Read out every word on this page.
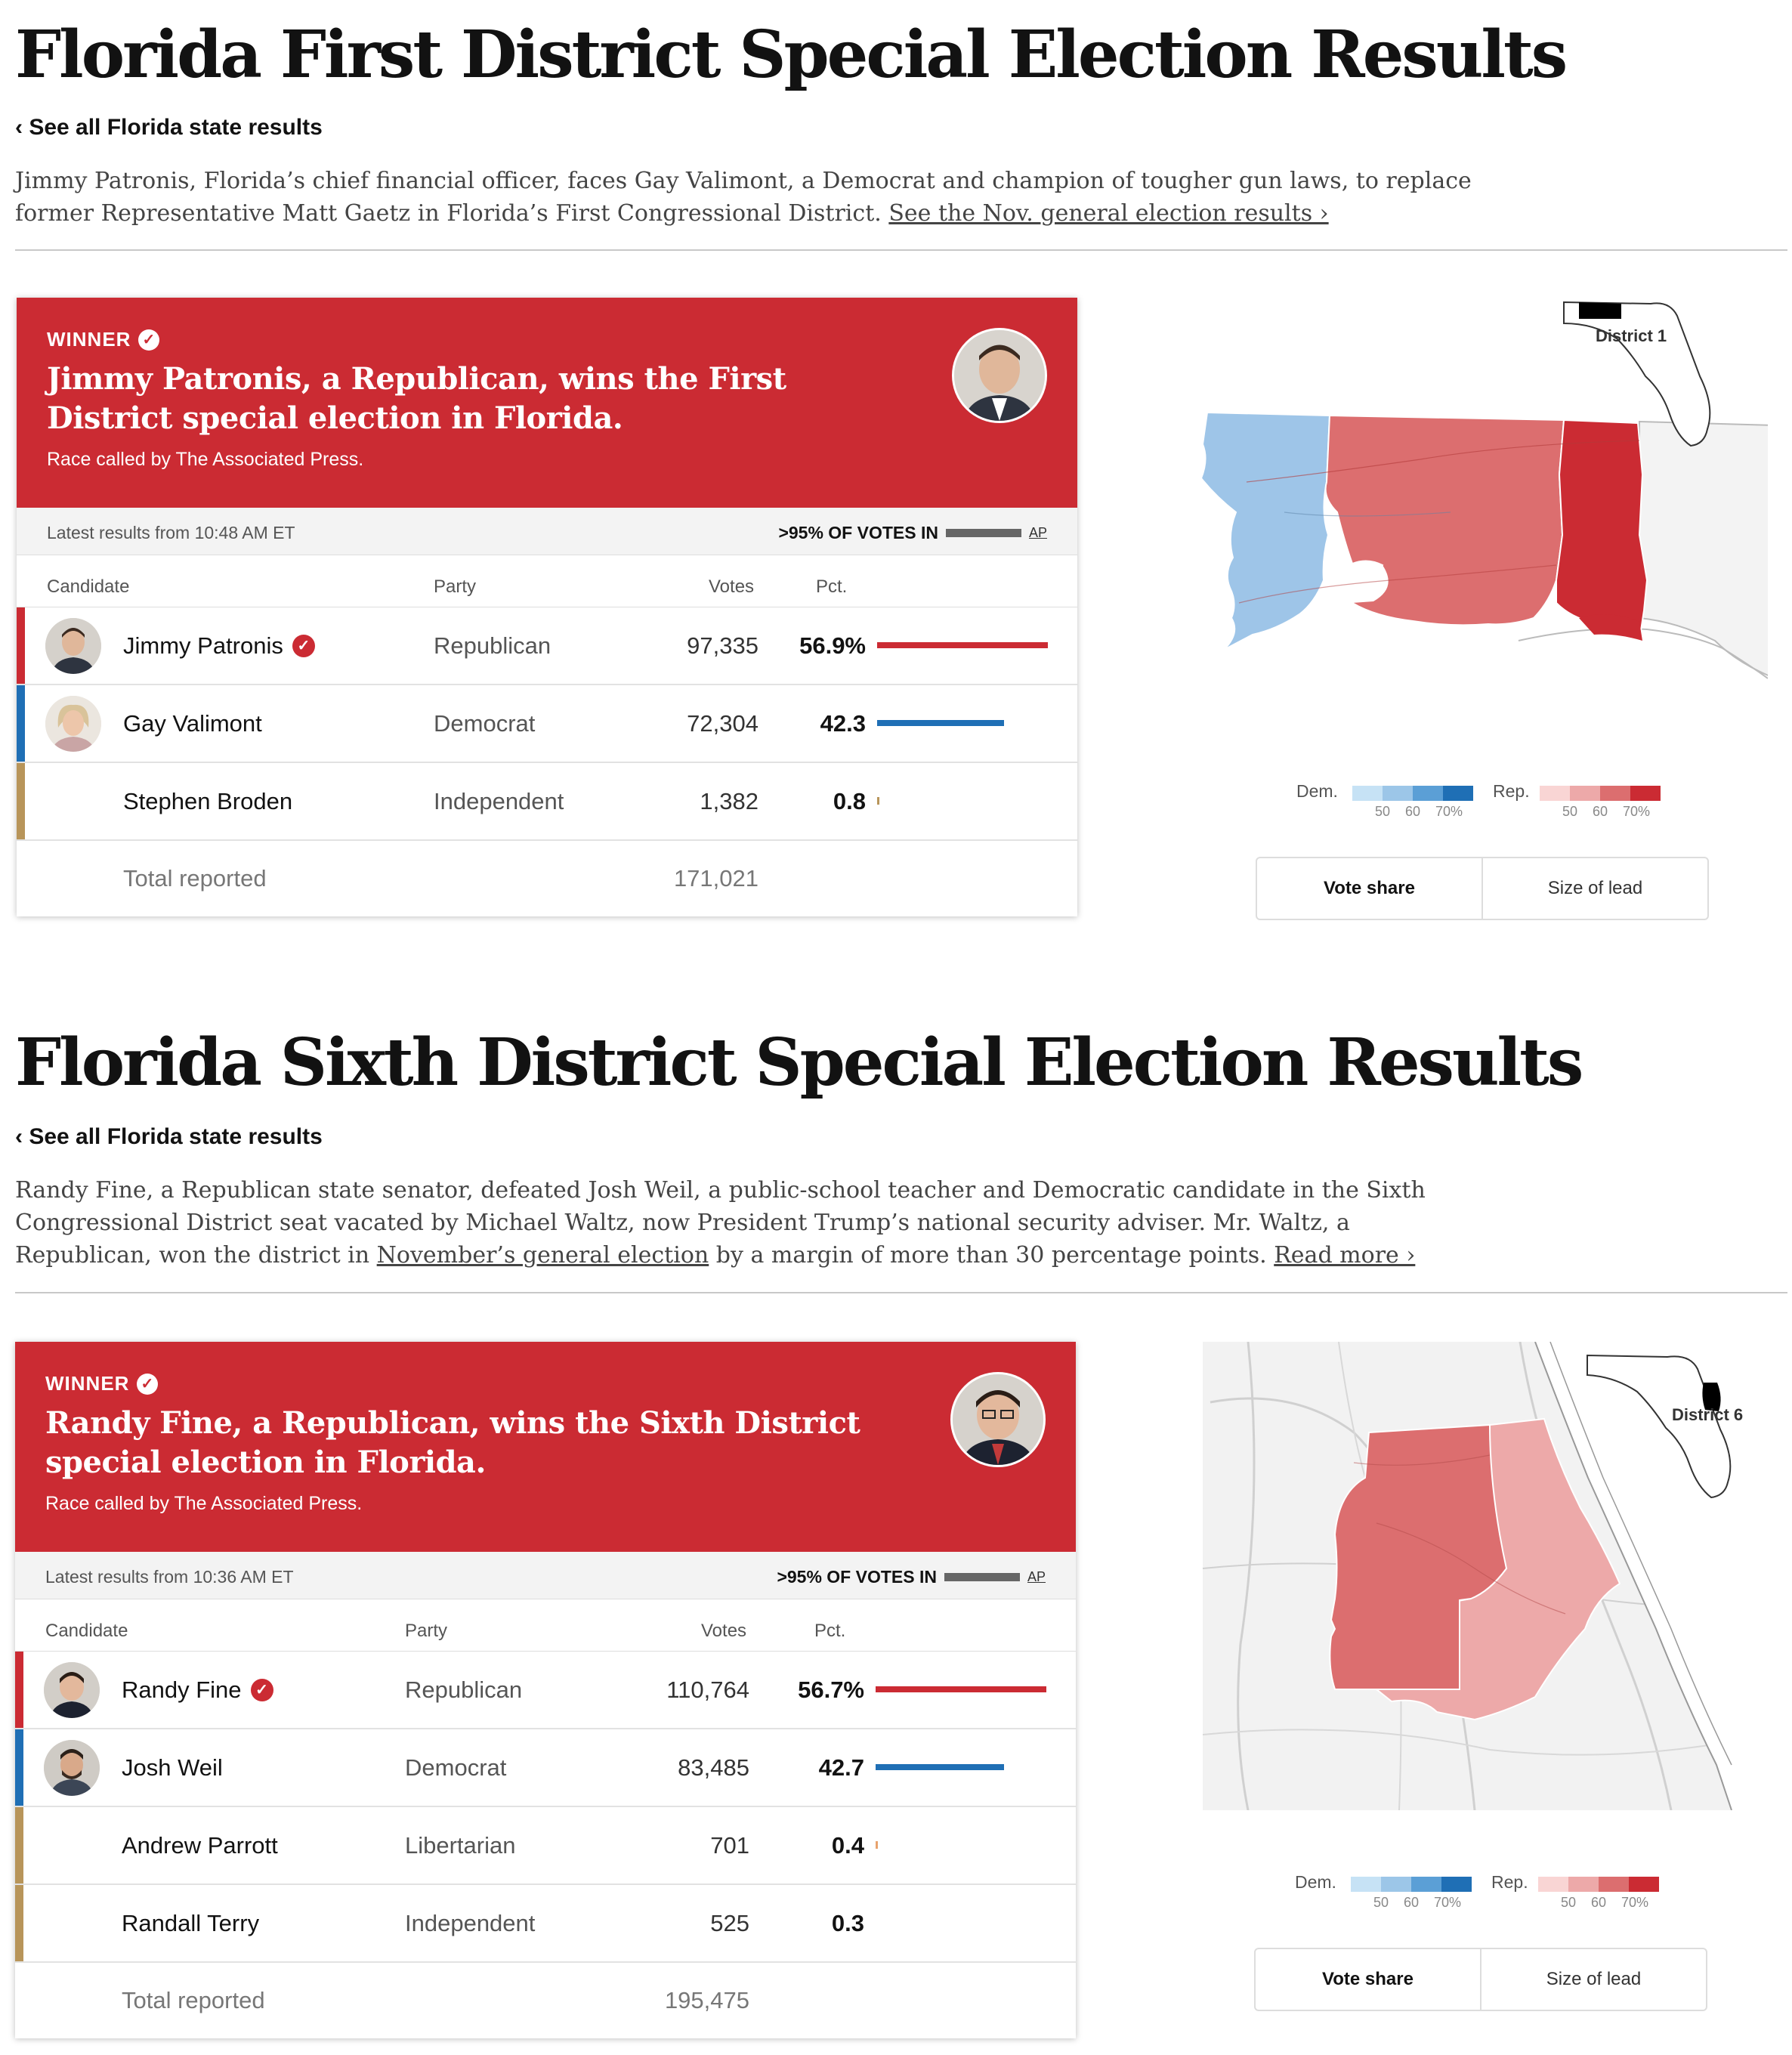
Florida First District Special Election Results
‹ See all Florida state results

Jimmy Patronis, Florida’s chief financial officer, faces Gay Valimont, a Democrat and champion of tougher gun laws, to replace former Representative Matt Gaetz in Florida’s First Congressional District. See the Nov. general election results ›

WINNER ✓
Jimmy Patronis, a Republican, wins the First District special election in Florida.
Race called by The Associated Press.
Latest results from 10:48 AM ET	>95% OF VOTES IN	AP
Candidate	Party	Votes	Pct.
Jimmy Patronis ✓	Republican	97,335 56.9%
Gay Valimont	Democrat	72,304	42.3
Stephen Broden	Independent	1,382	0.8
Total reported	171,021
District 1
Dem.
50 60 70%
Rep.
50 60 70%
Vote share	Size of lead
Florida Sixth District Special Election Results
‹ See all Florida state results

Randy Fine, a Republican state senator, defeated Josh Weil, a public-school teacher and Democratic candidate in the Sixth Congressional District seat vacated by Michael Waltz, now President Trump’s national security adviser. Mr. Waltz, a Republican, won the district in November’s general election by a margin of more than 30 percentage points. Read more ›

WINNER ✓
Randy Fine, a Republican, wins the Sixth District special election in Florida.
Race called by The Associated Press.
Latest results from 10:36 AM ET	>95% OF VOTES IN	AP
Candidate	Party	Votes	Pct.
Randy Fine ✓	Republican	110,764 56.7%
Josh Weil	Democrat	83,485	42.7
Andrew Parrott	Libertarian	701	0.4
Randall Terry	Independent	525	0.3
Total reported	195,475
District 6
Dem.
50 60 70%
Rep.
50 60 70%
Vote share	Size of lead
